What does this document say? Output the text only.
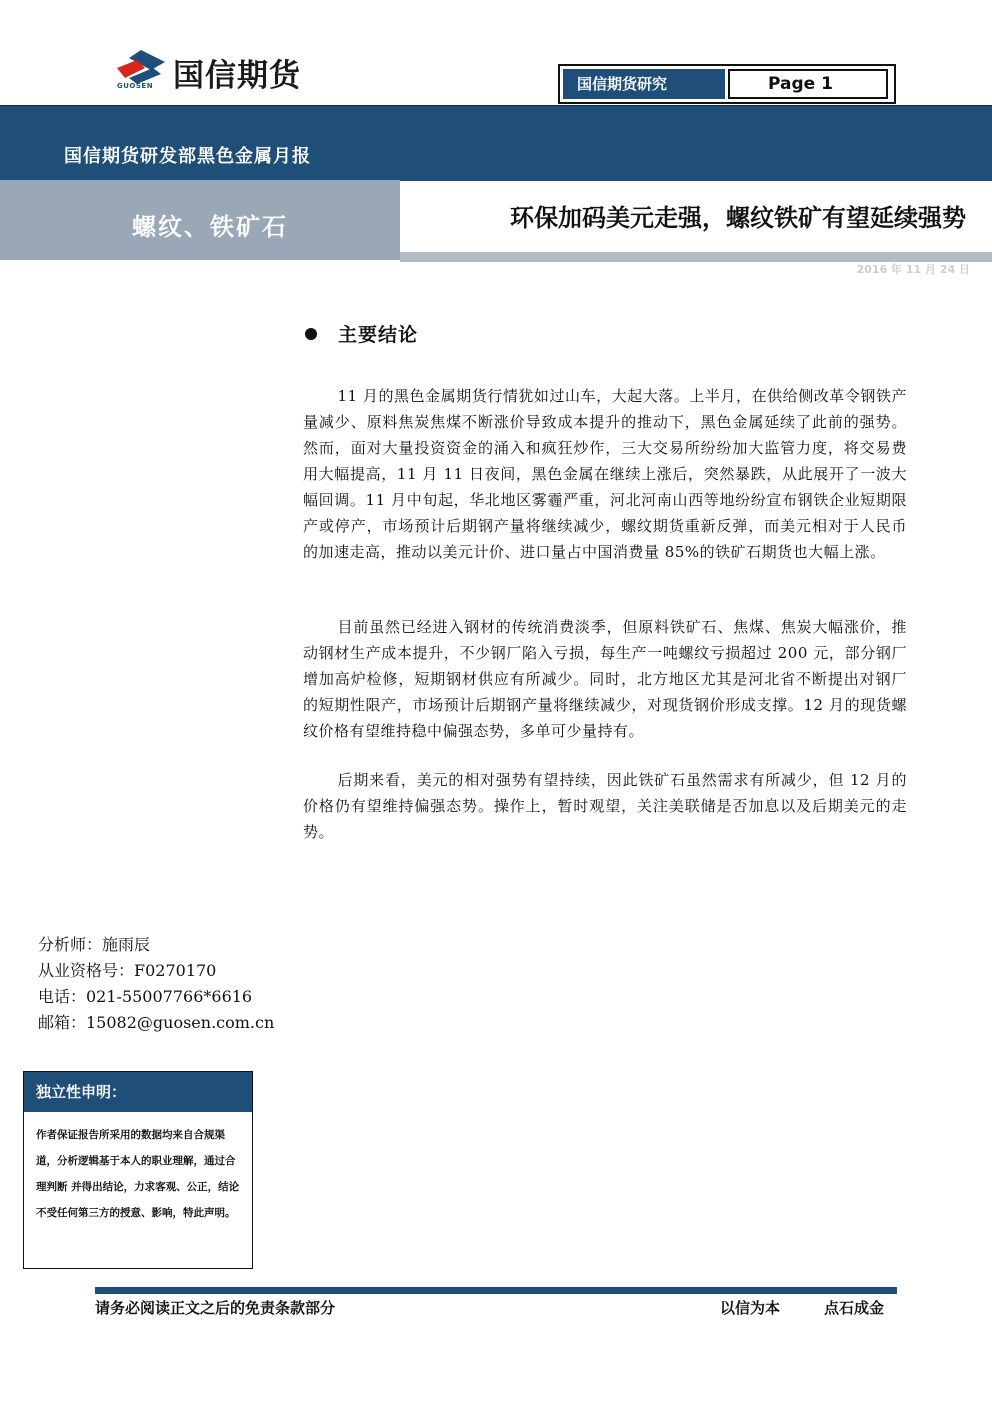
GUOSEN 国信期货	国信期货研究	Page 1
国信期货研发部黑色金属月报
螺纹、铁矿石	环保加码美元走强，螺纹铁矿有望延续强势
2016 年 11 月 24 日
主要结论

11 月的黑色金属期货行情犹如过山车，大起大落。上半月，在供给侧改革令钢铁产量减少、原料焦炭焦煤不断涨价导致成本提升的推动下，黑色金属延续了此前的强势。然而，面对大量投资资金的涌入和疯狂炒作，三大交易所纷纷加大监管力度，将交易费用大幅提高，11 月 11 日夜间，黑色金属在继续上涨后，突然暴跌，从此展开了一波大幅回调。11 月中旬起，华北地区雾霾严重，河北河南山西等地纷纷宣布钢铁企业短期限产或停产，市场预计后期钢产量将继续减少，螺纹期货重新反弹，而美元相对于人民币的加速走高，推动以美元计价、进口量占中国消费量 85%的铁矿石期货也大幅上涨。

目前虽然已经进入钢材的传统消费淡季，但原料铁矿石、焦煤、焦炭大幅涨价，推动钢材生产成本提升，不少钢厂陷入亏损，每生产一吨螺纹亏损超过 200 元，部分钢厂增加高炉检修，短期钢材供应有所减少。同时，北方地区尤其是河北省不断提出对钢厂的短期性限产，市场预计后期钢产量将继续减少，对现货钢价形成支撑。12 月的现货螺纹价格有望维持稳中偏强态势，多单可少量持有。

后期来看，美元的相对强势有望持续，因此铁矿石虽然需求有所减少，但 12 月的价格仍有望维持偏强态势。操作上，暂时观望，关注美联储是否加息以及后期美元的走势。

分析师：施雨辰
从业资格号：F0270170
电话：021-55007766*6616
邮箱：15082@guosen.com.cn
独立性申明：
作者保证报告所采用的数据均来自合规渠道，分析逻辑基于本人的职业理解，通过合理判断 并得出结论，力求客观、公正，结论不受任何第三方的授意、影响，特此声明。
请务必阅读正文之后的免责条款部分	以信为本	点石成金
